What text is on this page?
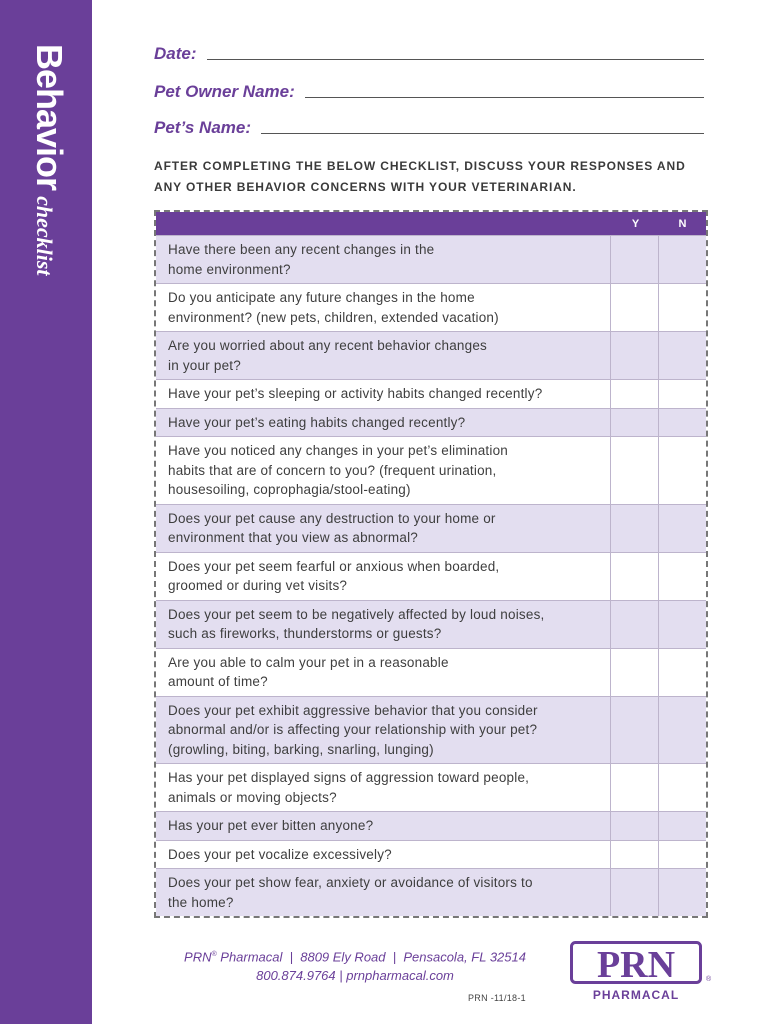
Behaviorchecklist
Date:
Pet Owner Name:
Pet’s Name:
AFTER COMPLETING THE BELOW CHECKLIST, DISCUSS YOUR RESPONSES AND
ANY OTHER BEHAVIOR CONCERNS WITH YOUR VETERINARIAN.
Y	N
Have there been any recent changes in the
home environment?
Do you anticipate any future changes in the home
environment? (new pets, children, extended vacation)
Are you worried about any recent behavior changes
in your pet?
Have your pet’s sleeping or activity habits changed recently?
Have your pet’s eating habits changed recently?
Have you noticed any changes in your pet’s elimination
habits that are of concern to you? (frequent urination,
housesoiling, coprophagia/stool-eating)
Does your pet cause any destruction to your home or
environment that you view as abnormal?
Does your pet seem fearful or anxious when boarded,
groomed or during vet visits?
Does your pet seem to be negatively affected by loud noises,
such as fireworks, thunderstorms or guests?
Are you able to calm your pet in a reasonable
amount of time?
Does your pet exhibit aggressive behavior that you consider
abnormal and/or is affecting your relationship with your pet?
(growling, biting, barking, snarling, lunging)
Has your pet displayed signs of aggression toward people,
animals or moving objects?
Has your pet ever bitten anyone?
Does your pet vocalize excessively?
Does your pet show fear, anxiety or avoidance of visitors to
the home?
PRN® Pharmacal  |  8809 Ely Road  |  Pensacola, FL 32514
800.874.9764 | prnpharmacal.com
PRN -11/18-1
PRN	®
PHARMACAL
